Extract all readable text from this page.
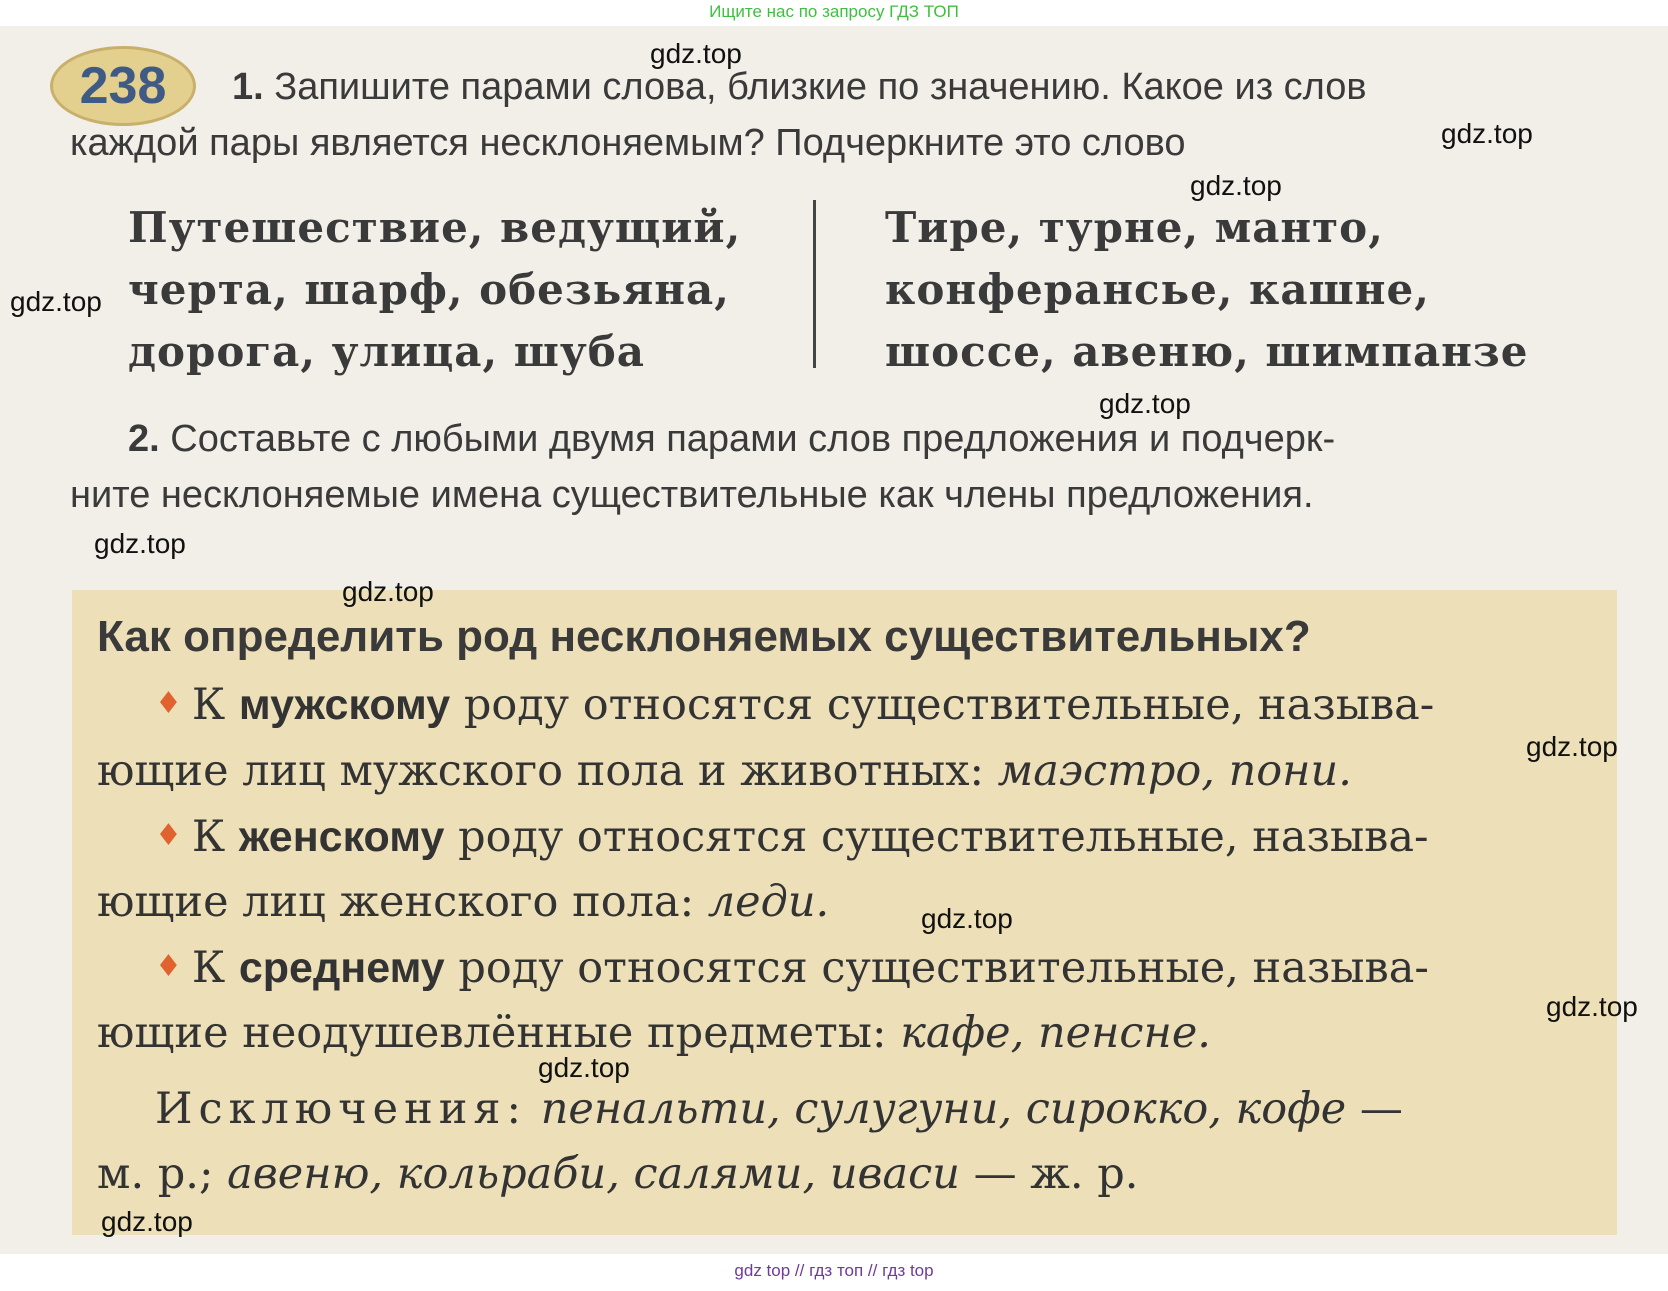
Ищите нас по запросу ГДЗ ТОП
238 1. Запишите парами слова, близкие по значению. Какое из слов
каждой пары является несклоняемым? Подчеркните это слово
Путешествие, ведущий,
черта, шарф, обезьяна,
дорога, улица, шуба
Тире, турне, манто,
конферансье, кашне,
шоссе, авеню, шимпанзе
2. Составьте с любыми двумя парами слов предложения и подчерк-
ните несклоняемые имена существительные как члены предложения.
Как определить род несклоняемых существительных?
♦ К мужскому роду относятся существительные, называ-
ющие лиц мужского пола и животных: маэстро, пони.
♦ К женскому роду относятся существительные, называ-
ющие лиц женского пола: леди.
♦ К среднему роду относятся существительные, называ-
ющие неодушевлённые предметы: кафе, пенсне.
Исключения: пенальти, сулугуни, сирокко, кофе —
м. р.; авеню, кольраби, салями, иваси — ж. р.
gdz.top
gdz.top
gdz.top
gdz.top
gdz.top
gdz.top
gdz.top
gdz.top
gdz.top
gdz.top
gdz.top
gdz.top
gdz top // гдз топ // гдз top
